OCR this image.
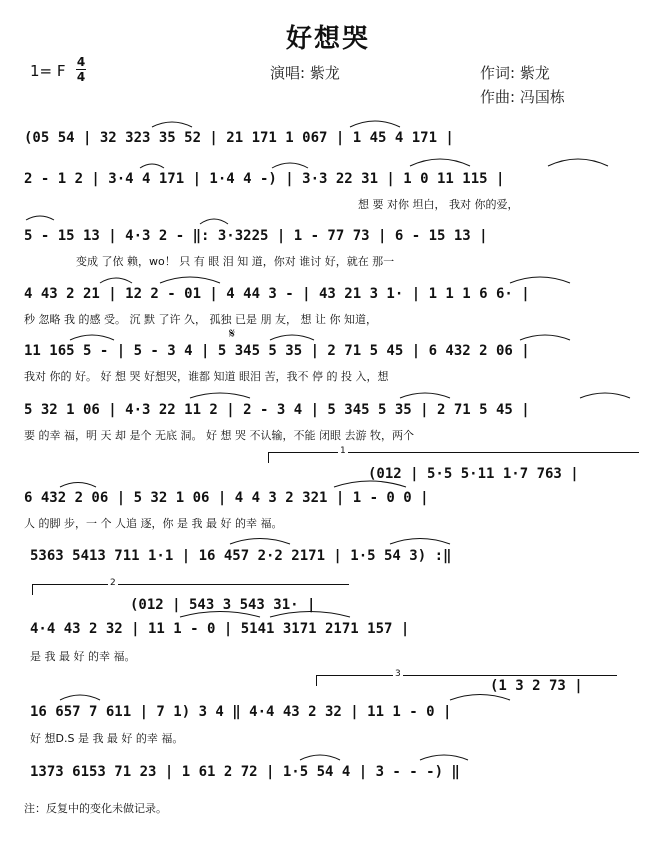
好想哭
1= F 4
4	演唱: 紫龙	作词: 紫龙
作曲: 冯国栋
(05 54 | 32 323 35 52 | 21 171 1 067 | 1 45 4 171 |
2 - 1 2 | 3·4 4 171 | 1·4 4 -) | 3·3 22 31 | 1 0 11 115 |
想 要 对你 坦白， 我对 你的爱，
5 - 15 13 | 4·3 2 - ‖: 3·3225 | 1 - 77 73 | 6 - 15 13 |
变成 了依 赖，wo！ 只 有 眼 泪 知 道，你对 谁讨 好，就在 那一
4 43 2 21 | 12 2 - 01 | 4 44 3 - | 43 21 3 1· | 1 1 1 6 6· |
秒 忽略 我 的感 受。 沉 默 了许 久， 孤独 已是 朋 友， 想 让 你 知道，
11 165 5 - | 5 - 3 4 | 5 345 5 35 | 2 71 5 45 | 6 432 2 06 |
我对 你的 好。 好 想 哭 好想哭，谁都 知道 眼泪 苦，我不 停 的 投 入，想
5 32 1 06 | 4·3 22 11 2 | 2 - 3 4 | 5 345 5 35 | 2 71 5 45 |
要 的幸 福，明 天 却 是个 无底 洞。 好 想 哭 不认输，不能 闭眼 去游 牧，两个
1
(012 | 5·5 5·11 1·7 763 |
6 432 2 06 | 5 32 1 06 | 4 4 3 2 321 | 1 - 0 0 |
人 的脚 步，一 个 人追 逐，你 是 我 最 好 的幸 福。
5363 5413 711 1·1 | 16 457 2·2 2171 | 1·5 54 3) :‖
2
(012 | 543 3 543 31· |
4·4 43 2 32 | 11 1 - 0 | 5141 3171 2171 157 |
是 我 最 好 的幸 福。
3
(1 3 2 73 |
16 657 7 611 | 7 1) 3 4 ‖ 4·4 43 2 32 | 11 1 - 0 |
好 想D.S 是 我 最 好 的幸 福。
1373 6153 71 23 | 1 61 2 72 | 1·5 54 4 | 3 - - -) ‖
𝄋
注：反复中的变化未做记录。
